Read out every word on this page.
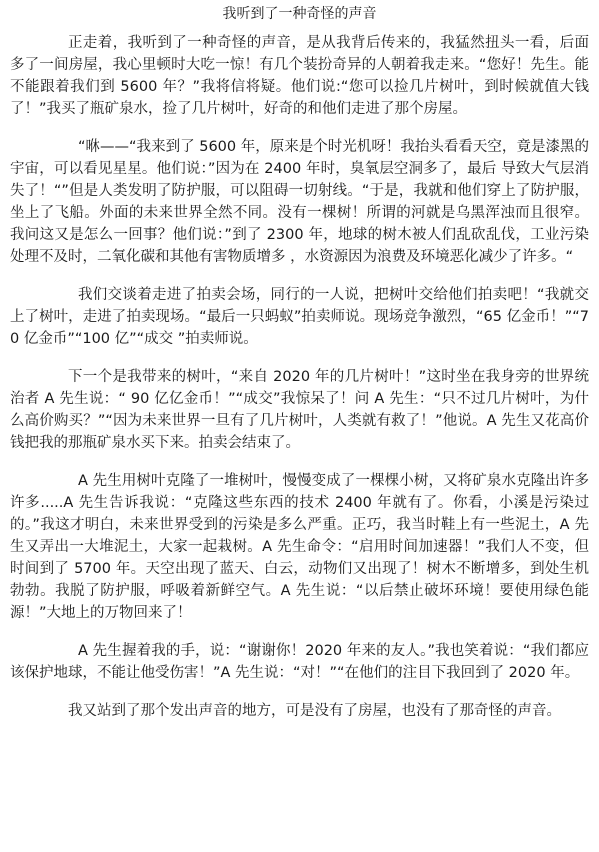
我听到了一种奇怪的声音

正走着，我听到了一种奇怪的声音，是从我背后传来的，我猛然扭头一看，后面多了一间房屋，我心里顿时大吃一惊！有几个装扮奇异的人朝着我走来。“您好！先生。能不能跟着我们到 5600 年？”我将信将疑。他们说:“您可以捡几片树叶，到时候就值大钱了！”我买了瓶矿泉水，捡了几片树叶，好奇的和他们走进了那个房屋。

“咻——“我来到了 5600 年，原来是个时光机呀！我抬头看看天空，竟是漆黑的宇宙，可以看见星星。他们说：”因为在 2400 年时，臭氧层空洞多了，最后 导致大气层消失了！“”但是人类发明了防护服，可以阻碍一切射线。“于是，我就和他们穿上了防护服，坐上了飞船。外面的未来世界全然不同。没有一棵树！所谓的河就是乌黑浑浊而且很窄。我问这又是怎么一回事？他们说：”到了 2300 年，地球的树木被人们乱砍乱伐，工业污染处理不及时，二氧化碳和其他有害物质增多 ，水资源因为浪费及环境恶化减少了许多。“

我们交谈着走进了拍卖会场，同行的一人说，把树叶交给他们拍卖吧！“我就交上了树叶，走进了拍卖现场。“最后一只蚂蚁”拍卖师说。现场竞争激烈，“65 亿金币！”“70 亿金币”“100 亿”“成交 ”拍卖师说。

下一个是我带来的树叶，“来自 2020 年的几片树叶！”这时坐在我身旁的世界统治者 A 先生说：“ 90 亿亿金币！”“成交”我惊呆了！问 A 先生：“只不过几片树叶，为什么高价购买？”“因为未来世界一旦有了几片树叶，人类就有救了！”他说。A 先生又花高价钱把我的那瓶矿泉水买下来。拍卖会结束了。

A 先生用树叶克隆了一堆树叶，慢慢变成了一棵棵小树，又将矿泉水克隆出许多许多.....A 先生告诉我说：“克隆这些东西的技术 2400 年就有了。你看，小溪是污染过的。”我这才明白，未来世界受到的污染是多么严重。正巧，我当时鞋上有一些泥土，A 先生又弄出一大堆泥土，大家一起栽树。A 先生命令：“启用时间加速器！”我们人不变，但时间到了 5700 年。天空出现了蓝天、白云，动物们又出现了！树木不断增多，到处生机勃勃。我脱了防护服，呼吸着新鲜空气。A 先生说：“以后禁止破坏环境！要使用绿色能源！”大地上的万物回来了！

A 先生握着我的手，说：“谢谢你！2020 年来的友人。”我也笑着说：“我们都应该保护地球，不能让他受伤害！”A 先生说：“对！”“在他们的注目下我回到了 2020 年。

我又站到了那个发出声音的地方，可是没有了房屋，也没有了那奇怪的声音。
